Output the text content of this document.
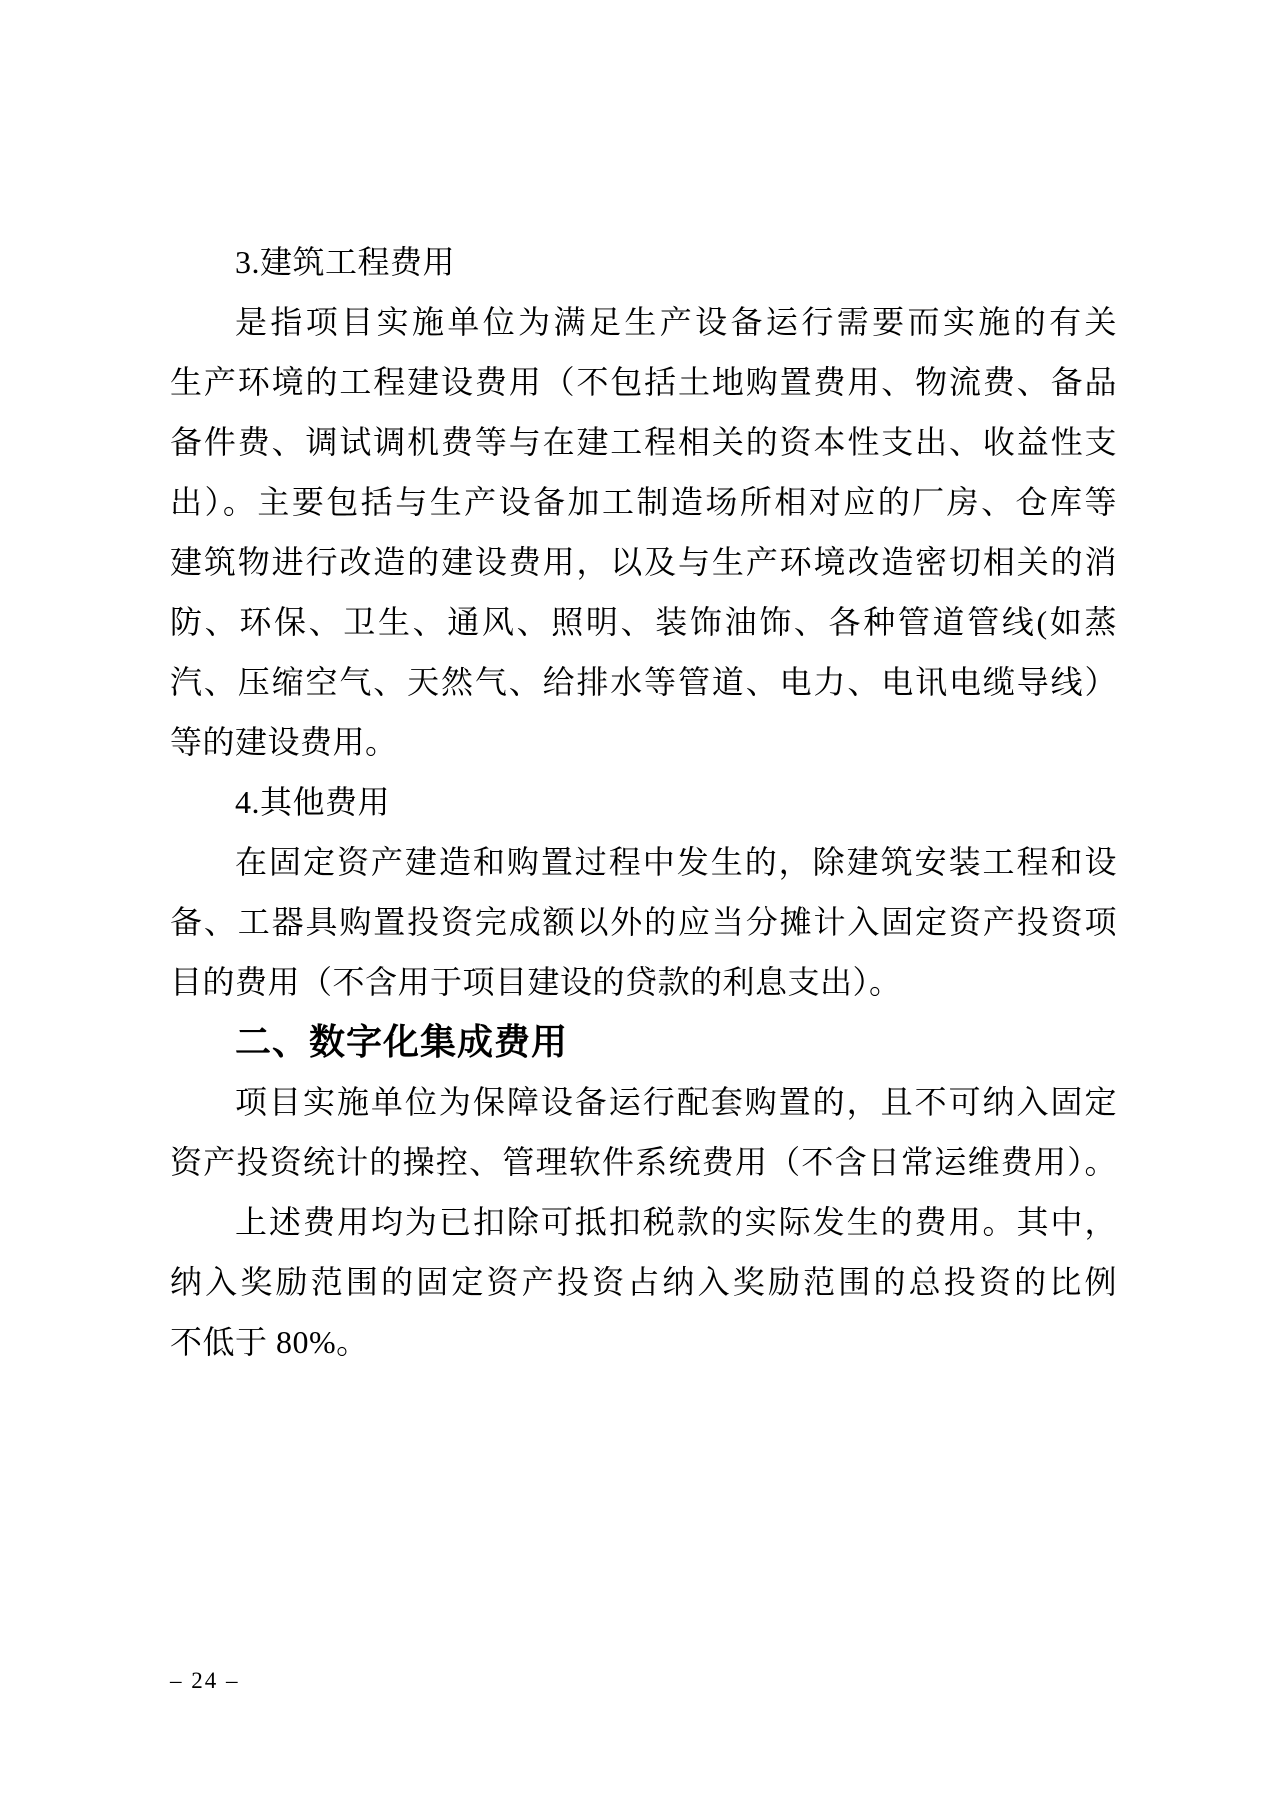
3.建筑工程费用
是指项目实施单位为满足生产设备运行需要而实施的有关
生产环境的工程建设费用（不包括土地购置费用、物流费、备品
备件费、调试调机费等与在建工程相关的资本性支出、收益性支
出）。主要包括与生产设备加工制造场所相对应的厂房、仓库等
建筑物进行改造的建设费用，以及与生产环境改造密切相关的消
防、环保、卫生、通风、照明、装饰油饰、各种管道管线(如蒸
汽、压缩空气、天然气、给排水等管道、电力、电讯电缆导线）
等的建设费用。
4.其他费用
在固定资产建造和购置过程中发生的，除建筑安装工程和设
备、工器具购置投资完成额以外的应当分摊计入固定资产投资项
目的费用（不含用于项目建设的贷款的利息支出）。
二、数字化集成费用
项目实施单位为保障设备运行配套购置的，且不可纳入固定
资产投资统计的操控、管理软件系统费用（不含日常运维费用）。
上述费用均为已扣除可抵扣税款的实际发生的费用。其中，
纳入奖励范围的固定资产投资占纳入奖励范围的总投资的比例
不低于 80%。
– 24 –
